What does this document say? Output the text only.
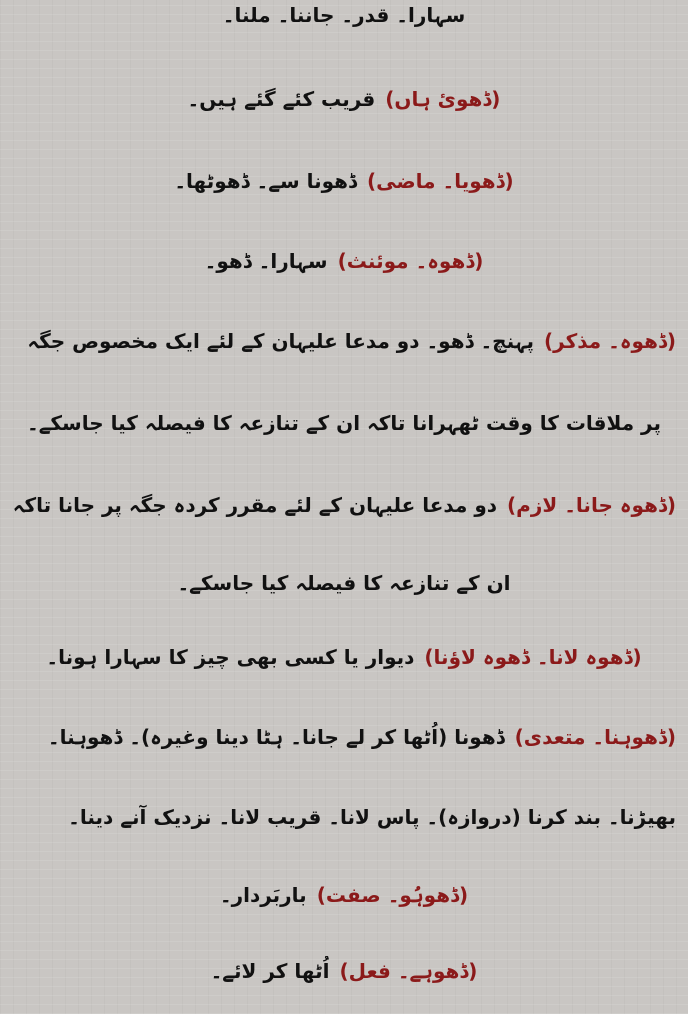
سہارا۔ قدر۔ جاننا۔ ملنا۔
(ڈھوئ ہاں)قریب کئے گئے ہیں۔
(ڈھویا۔ ماضی)ڈھونا سے۔ ڈھوٹھا۔
(ڈھوہ۔ موئنث)سہارا۔ ڈھو۔
(ڈھوہ۔ مذکر)پہنچ۔ ڈھو۔ دو مدعا علیہان کے لئے ایک مخصوص جگہ
پر ملاقات کا وقت ٹھہرانا تاکہ ان کے تنازعہ کا فیصلہ کیا جاسکے۔
(ڈھوہ جانا۔ لازم)دو مدعا علیہان کے لئے مقرر کردہ جگہ پر جانا تاکہ
ان کے تنازعہ کا فیصلہ کیا جاسکے۔
(ڈھوہ لانا۔ ڈھوہ لاؤنا)دیوار یا کسی بھی چیز کا سہارا ہونا۔
(ڈھوہنا۔ متعدی)ڈھونا (اُٹھا کر لے جانا۔ ہٹا دینا وغیرہ)۔ ڈھوہنا۔
بھیڑنا۔ بند کرنا (دروازہ)۔ پاس لانا۔ قریب لانا۔ نزدیک آنے دینا۔
(ڈھوہُو۔ صفت)باربَردار۔
(ڈھوہے۔ فعل)اُٹھا کر لائے۔
